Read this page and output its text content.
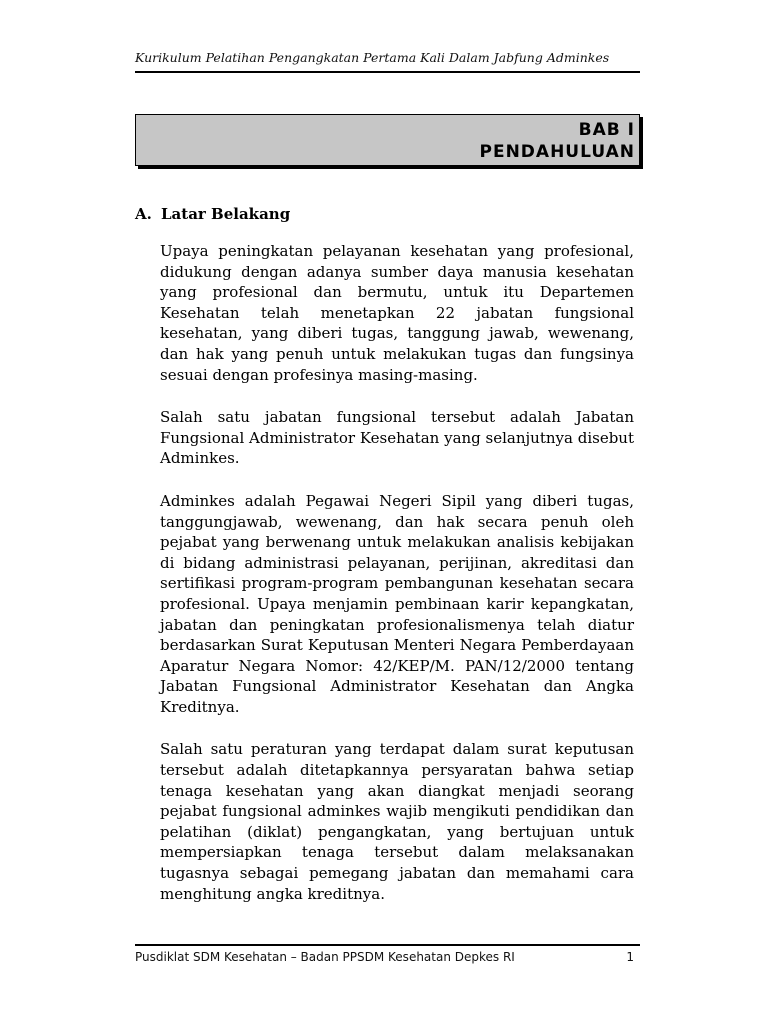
Kurikulum Pelatihan Pengangkatan Pertama Kali Dalam Jabfung Adminkes
BAB I
PENDAHULUAN
A. Latar Belakang

Upaya peningkatan pelayanan kesehatan yang profesional, didukung dengan adanya sumber daya manusia kesehatan yang profesional dan bermutu, untuk itu Departemen Kesehatan telah menetapkan 22 jabatan fungsional kesehatan, yang diberi tugas, tanggung jawab, wewenang, dan hak yang penuh untuk melakukan tugas dan fungsinya sesuai dengan profesinya masing-masing.

Salah satu jabatan fungsional tersebut adalah Jabatan Fungsional Administrator Kesehatan yang selanjutnya disebut Adminkes.

Adminkes adalah Pegawai Negeri Sipil yang diberi tugas, tanggungjawab, wewenang, dan hak secara penuh oleh pejabat yang berwenang untuk melakukan analisis kebijakan di bidang administrasi pelayanan, perijinan, akreditasi dan sertifikasi program-program pembangunan kesehatan secara profesional. Upaya menjamin pembinaan karir kepangkatan, jabatan dan peningkatan profesionalismenya telah diatur berdasarkan Surat Keputusan Menteri Negara Pemberdayaan Aparatur Negara Nomor: 42/KEP/M. PAN/12/2000 tentang Jabatan Fungsional Administrator Kesehatan dan Angka Kreditnya.

Salah satu peraturan yang terdapat dalam surat keputusan tersebut adalah ditetapkannya persyaratan bahwa setiap tenaga kesehatan yang akan diangkat menjadi seorang pejabat fungsional adminkes wajib mengikuti pendidikan dan pelatihan (diklat) pengangkatan, yang bertujuan untuk mempersiapkan tenaga tersebut dalam melaksanakan tugasnya sebagai pemegang jabatan dan memahami cara menghitung angka kreditnya.

Pusdiklat SDM Kesehatan – Badan PPSDM Kesehatan Depkes RI	1
